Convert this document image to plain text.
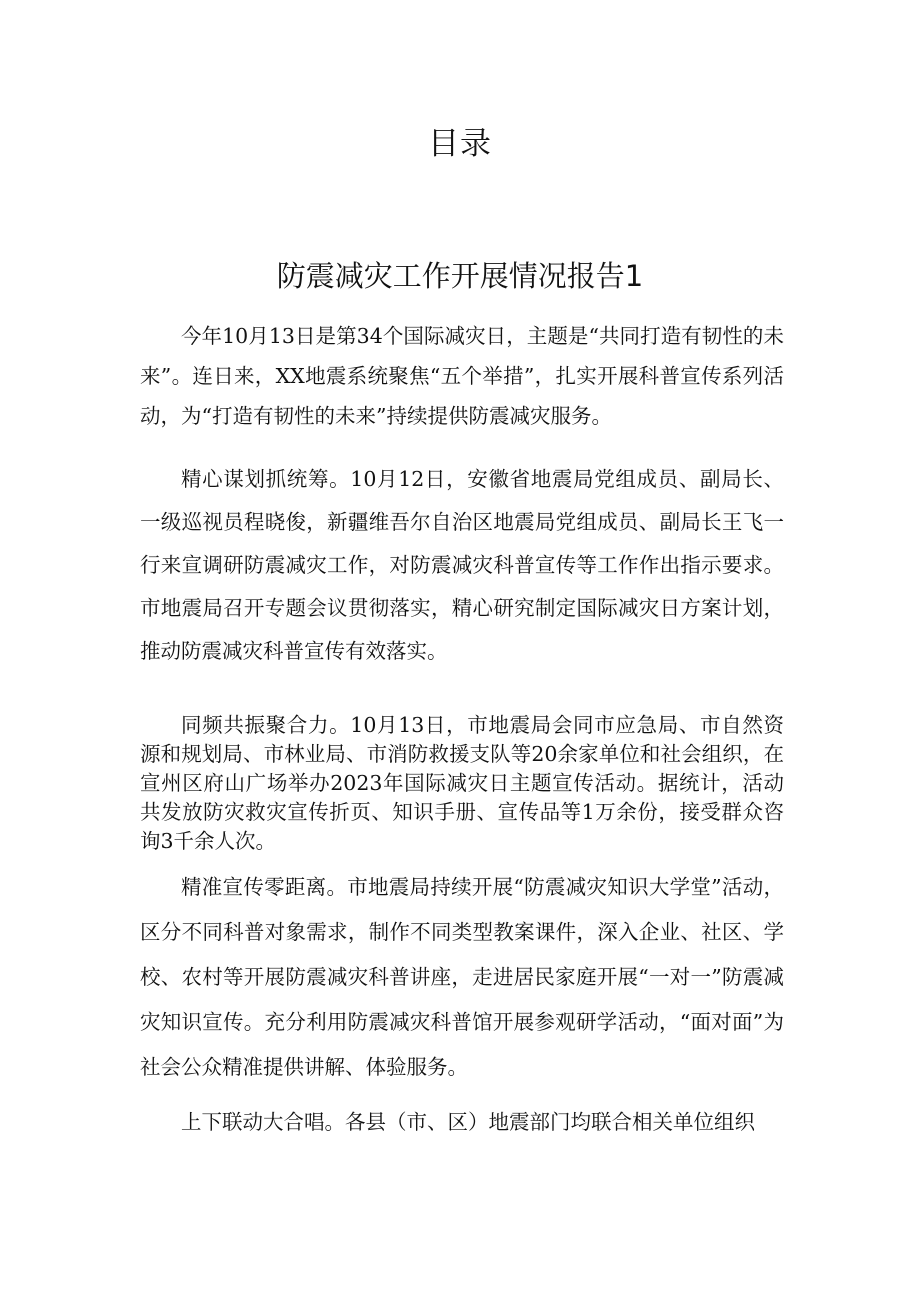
目录
防震减灾工作开展情况报告1

今年10月13日是第34个国际减灾日，主题是“共同打造有韧性的未来”。连日来，XX地震系统聚焦“五个举措”，扎实开展科普宣传系列活动，为“打造有韧性的未来”持续提供防震减灾服务。

精心谋划抓统筹。10月12日，安徽省地震局党组成员、副局长、一级巡视员程晓俊，新疆维吾尔自治区地震局党组成员、副局长王飞一行来宣调研防震减灾工作，对防震减灾科普宣传等工作作出指示要求。市地震局召开专题会议贯彻落实，精心研究制定国际减灾日方案计划，推动防震减灾科普宣传有效落实。

同频共振聚合力。10月13日，市地震局会同市应急局、市自然资源和规划局、市林业局、市消防救援支队等20余家单位和社会组织，在宣州区府山广场举办2023年国际减灾日主题宣传活动。据统计，活动共发放防灾救灾宣传折页、知识手册、宣传品等1万余份，接受群众咨询3千余人次。

精准宣传零距离。市地震局持续开展“防震减灾知识大学堂”活动，区分不同科普对象需求，制作不同类型教案课件，深入企业、社区、学校、农村等开展防震减灾科普讲座，走进居民家庭开展“一对一”防震减灾知识宣传。充分利用防震减灾科普馆开展参观研学活动，“面对面”为社会公众精准提供讲解、体验服务。

上下联动大合唱。各县（市、区）地震部门均联合相关单位组织
